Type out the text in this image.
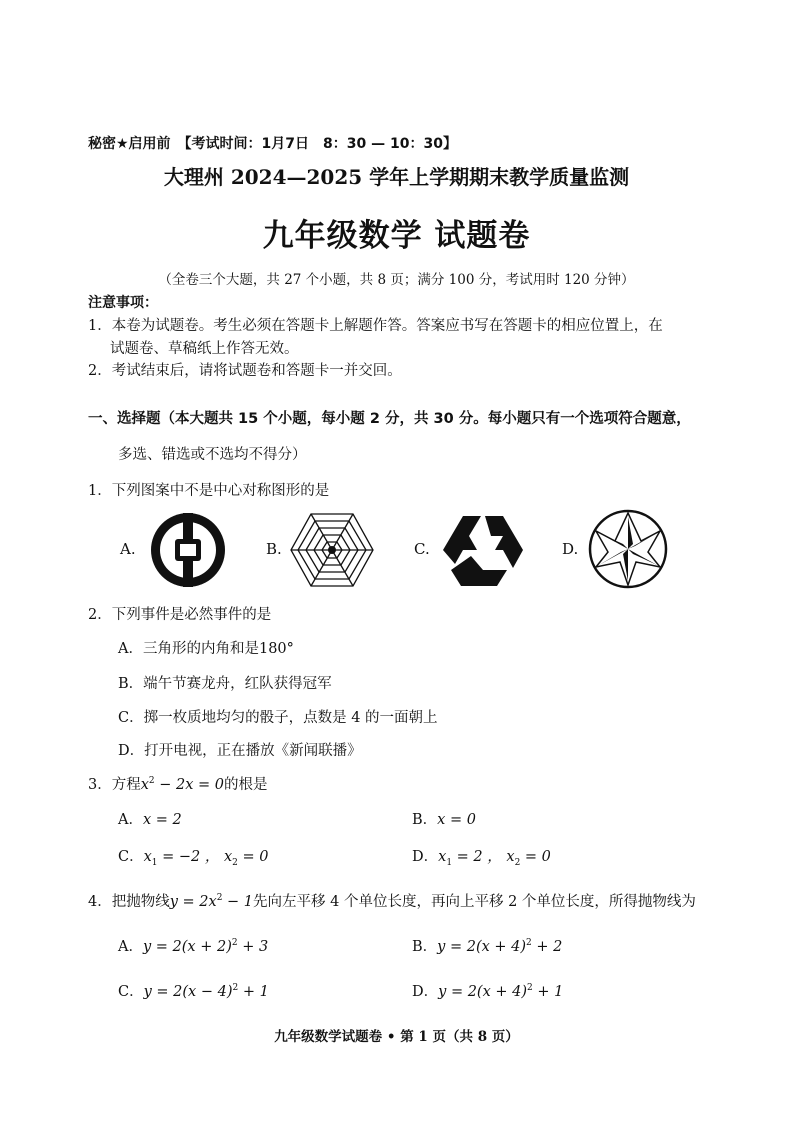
秘密★启用前　【考试时间：1月7日　8：30 — 10：30】
大理州 2024—2025 学年上学期期末教学质量监测
九年级数学 试题卷
（全卷三个大题，共 27 个小题，共 8 页；满分 100 分，考试用时 120 分钟）
注意事项：
1．本卷为试题卷。考生必须在答题卡上解题作答。答案应书写在答题卡的相应位置上，在
试题卷、草稿纸上作答无效。
2．考试结束后，请将试题卷和答题卡一并交回。
一、选择题（本大题共 15 个小题，每小题 2 分，共 30 分。每小题只有一个选项符合题意，
多选、错选或不选均不得分）
1．下列图案中不是中心对称图形的是
A.	B.	C.	D.
2．下列事件是必然事件的是
A．三角形的内角和是180°
B．端午节赛龙舟，红队获得冠军
C．掷一枚质地均匀的骰子，点数是 4 的一面朝上
D．打开电视，正在播放《新闻联播》
3．方程$x^2 - 2x = 0$的根是
A．x = 2	B．x = 0
C．$x_1 = -2$ ， $x_2 = 0$	D．$x_1 = 2$ ， $x_2 = 0$
4．把抛物线$y = 2x^2 - 1$先向左平移 4 个单位长度，再向上平移 2 个单位长度，所得抛物线为
A．$y = 2(x + 2)^2 + 3$	B．$y = 2(x + 4)^2 + 2$
C．$y = 2(x - 4)^2 + 1$	D．$y = 2(x + 4)^2 + 1$
九年级数学试题卷 • 第 1 页（共 8 页）
